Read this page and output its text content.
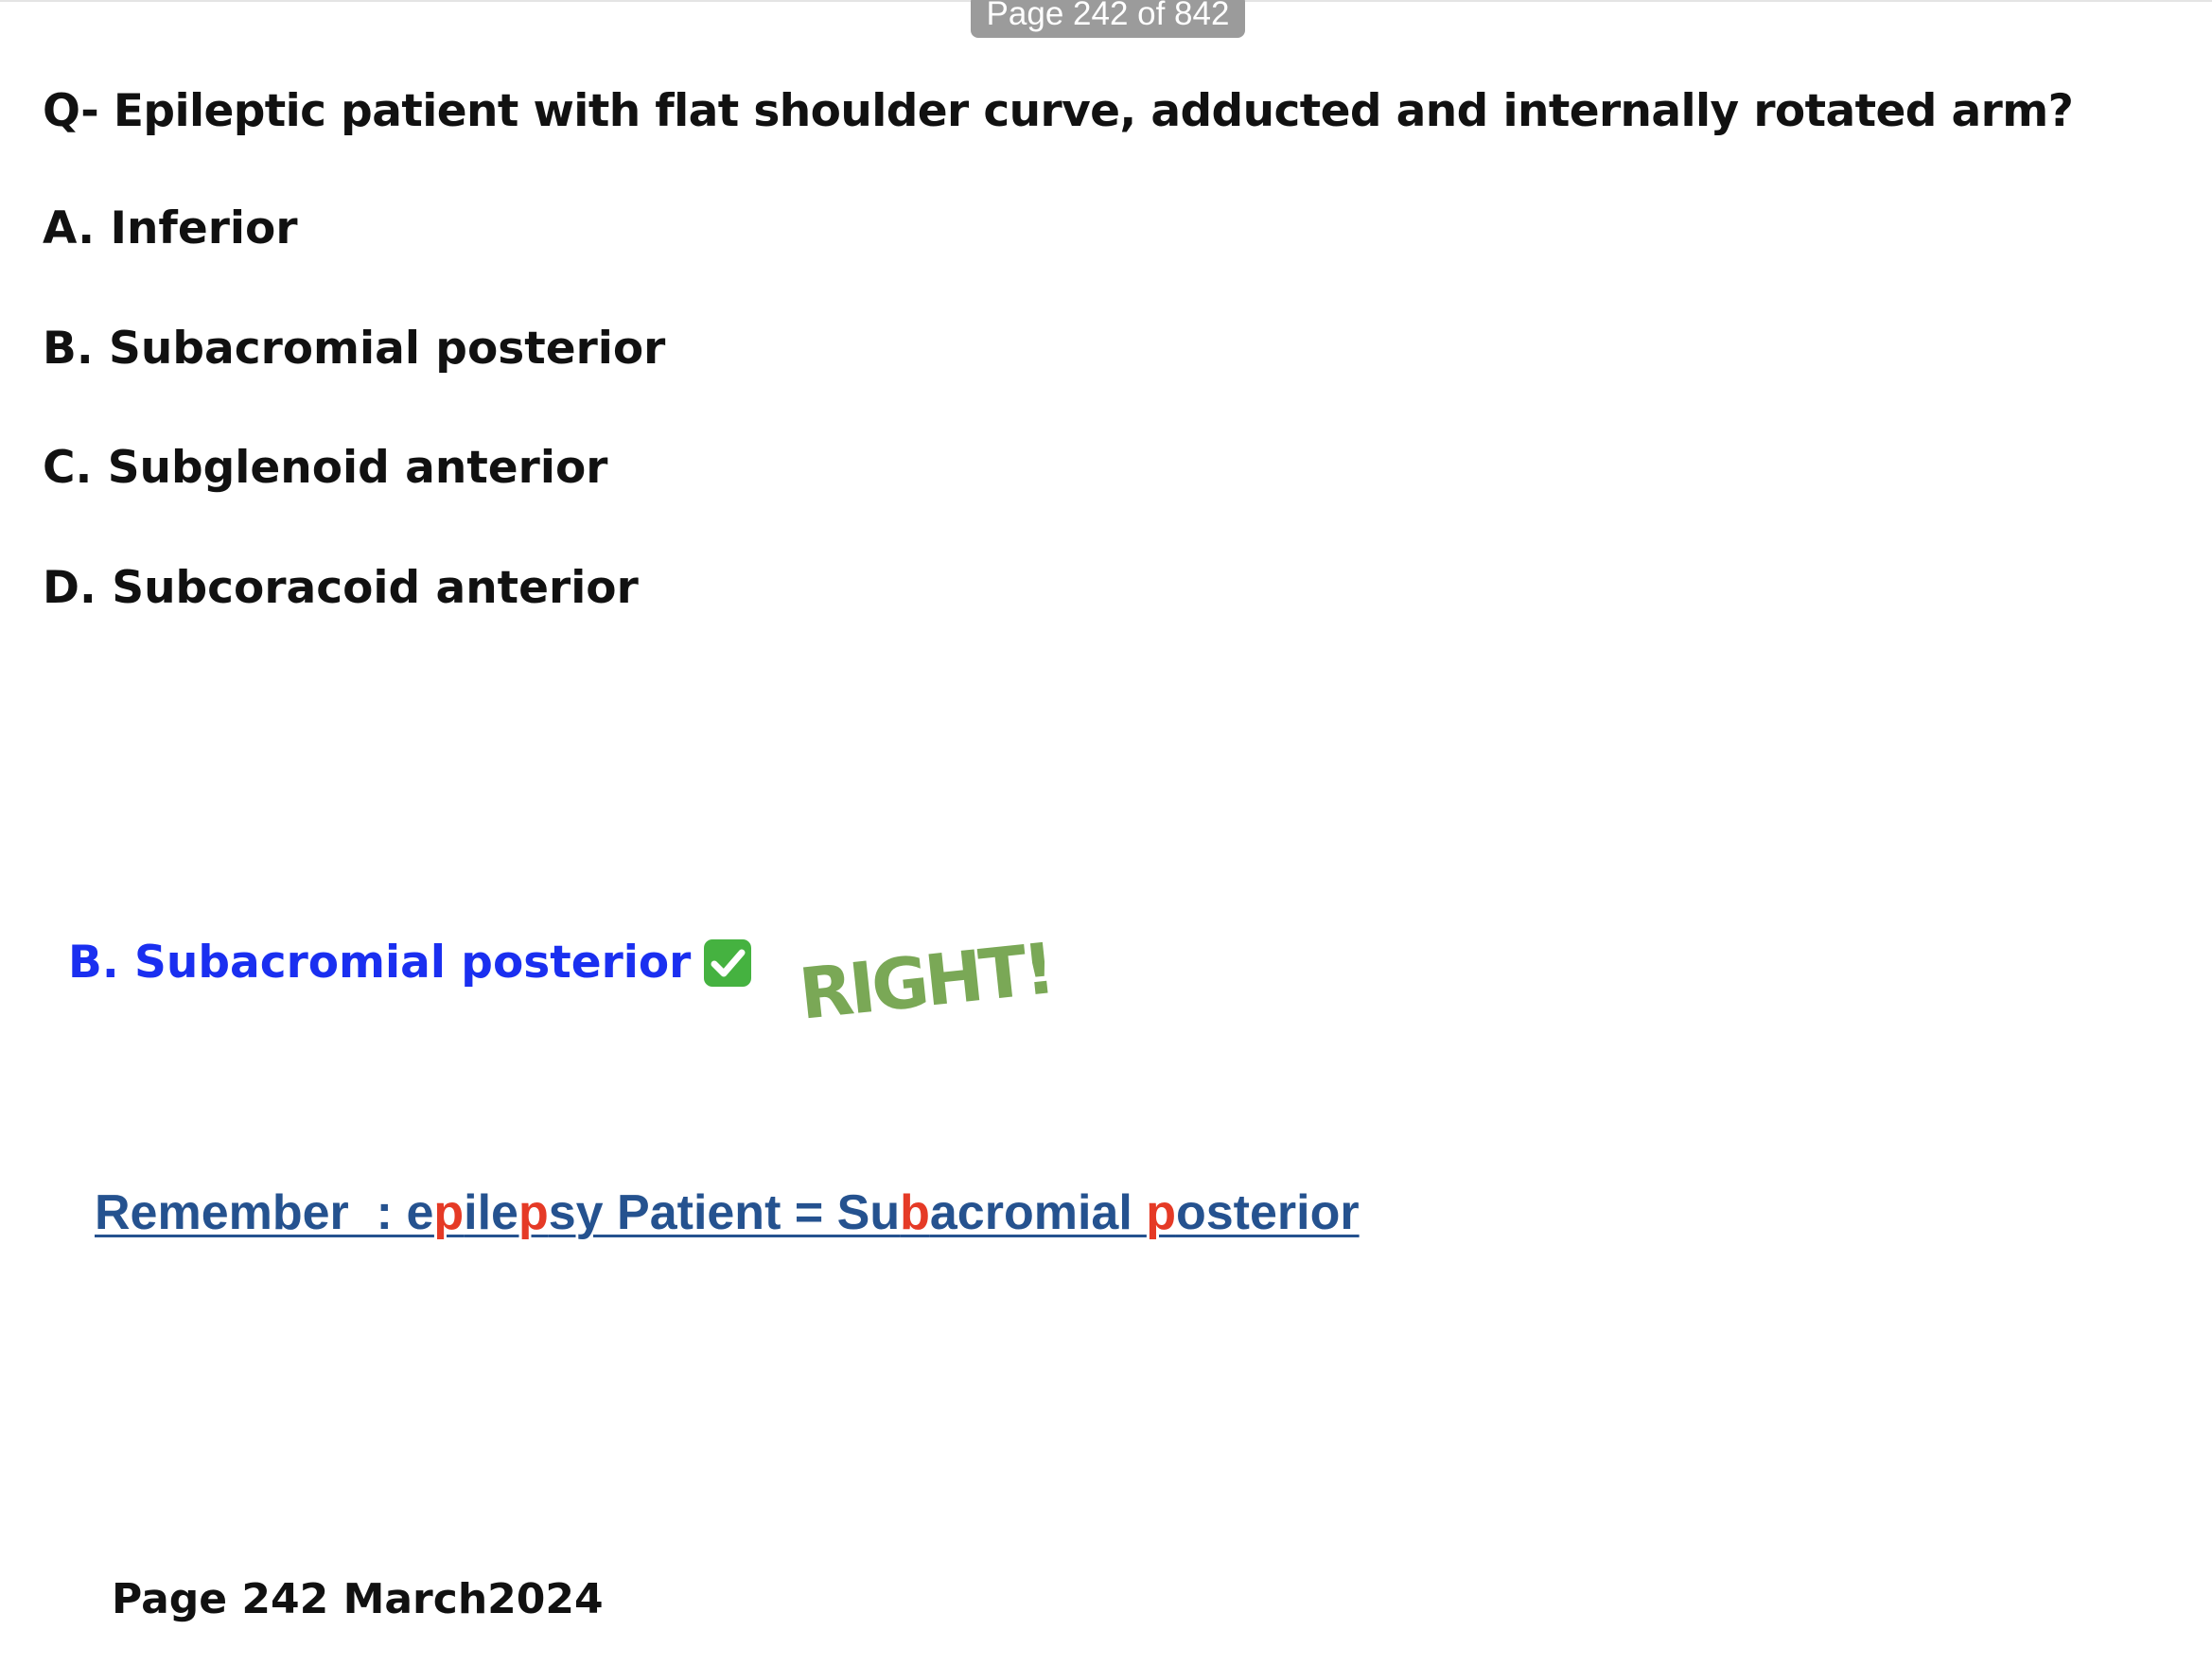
Page 242 of 842
Q- Epileptic patient with flat shoulder curve, adducted and internally rotated arm?
A. Inferior
B. Subacromial posterior
C. Subglenoid anterior
D. Subcoracoid anterior
B. Subacromial posterior RIGHT!
Remember  : epilepsy Patient = Subacromial posterior
Page 242 March2024
